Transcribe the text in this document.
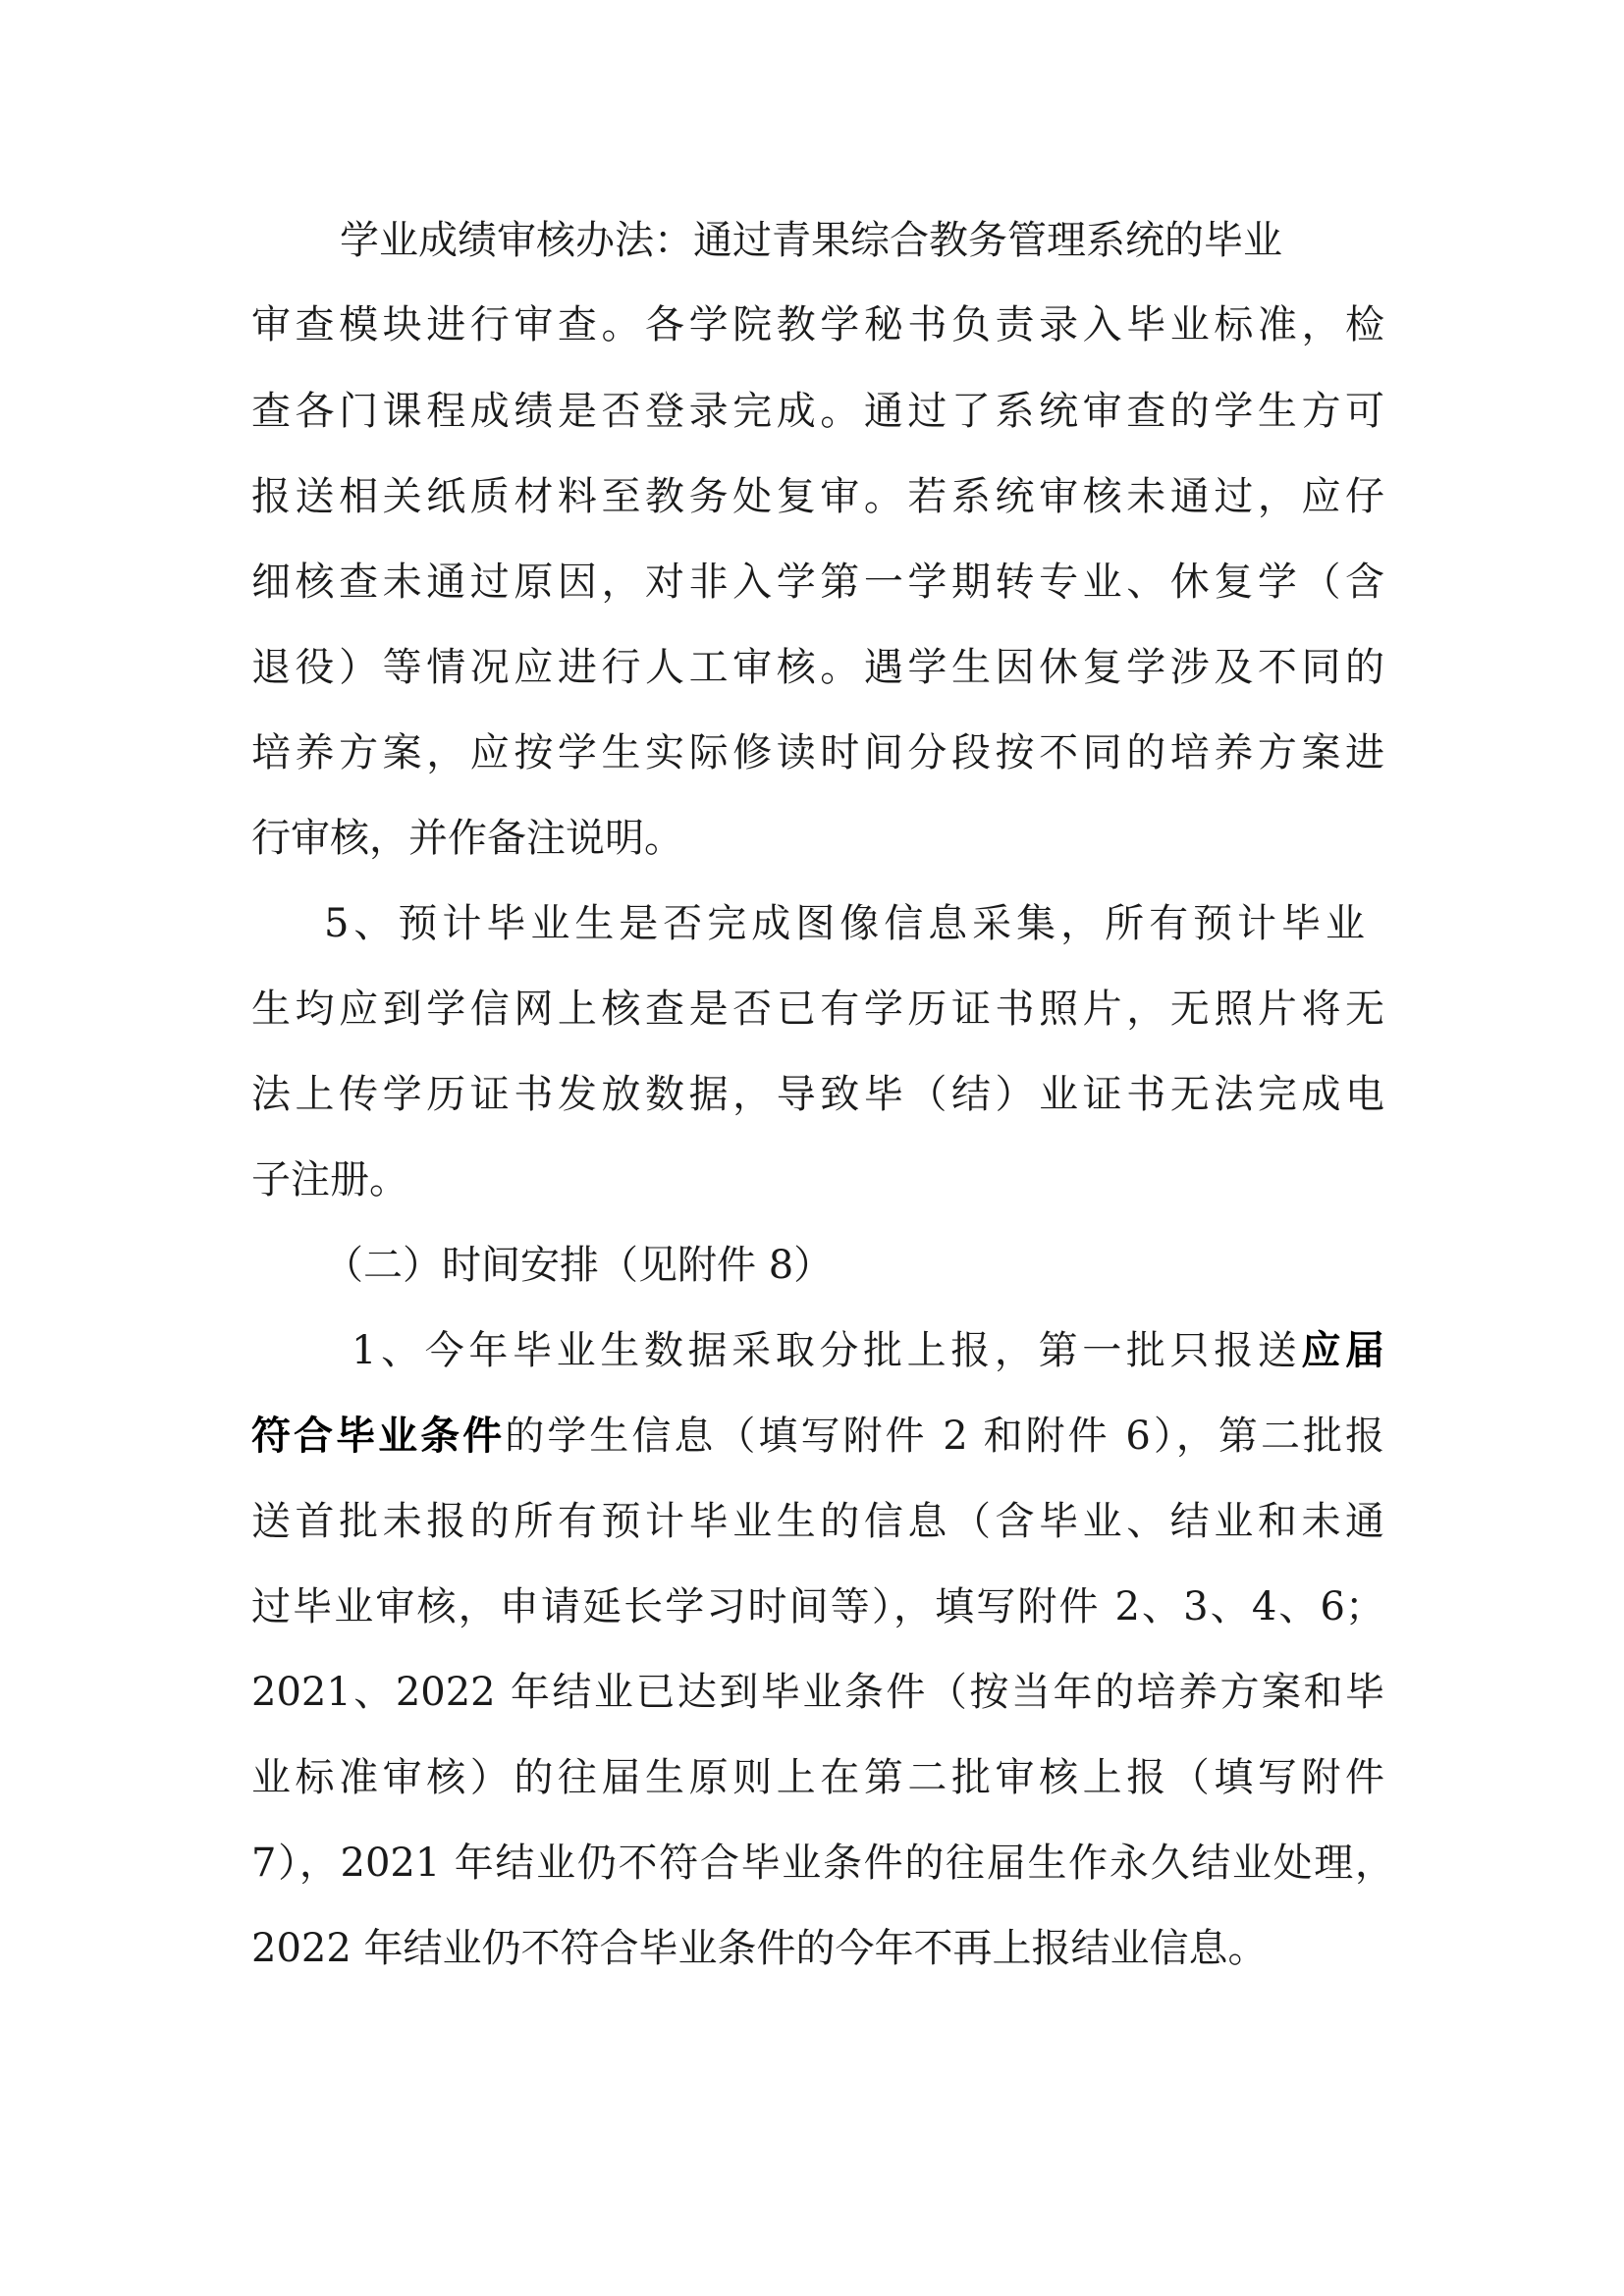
学业成绩审核办法：通过青果综合教务管理系统的毕业
审查模块进行审查。各学院教学秘书负责录入毕业标准，检
查各门课程成绩是否登录完成。通过了系统审查的学生方可
报送相关纸质材料至教务处复审。若系统审核未通过，应仔
细核查未通过原因，对非入学第一学期转专业、休复学（含
退役）等情况应进行人工审核。遇学生因休复学涉及不同的
培养方案，应按学生实际修读时间分段按不同的培养方案进
行审核，并作备注说明。
5、预计毕业生是否完成图像信息采集，所有预计毕业
生均应到学信网上核查是否已有学历证书照片，无照片将无
法上传学历证书发放数据，导致毕（结）业证书无法完成电
子注册。
（二）时间安排（见附件 8）
1、今年毕业生数据采取分批上报，第一批只报送应届
符合毕业条件的学生信息（填写附件 2 和附件 6），第二批报
送首批未报的所有预计毕业生的信息（含毕业、结业和未通
过毕业审核，申请延长学习时间等），填写附件 2、3、4、6；
2021、2022 年结业已达到毕业条件（按当年的培养方案和毕
业标准审核）的往届生原则上在第二批审核上报（填写附件
7），2021 年结业仍不符合毕业条件的往届生作永久结业处理，
2022 年结业仍不符合毕业条件的今年不再上报结业信息。
